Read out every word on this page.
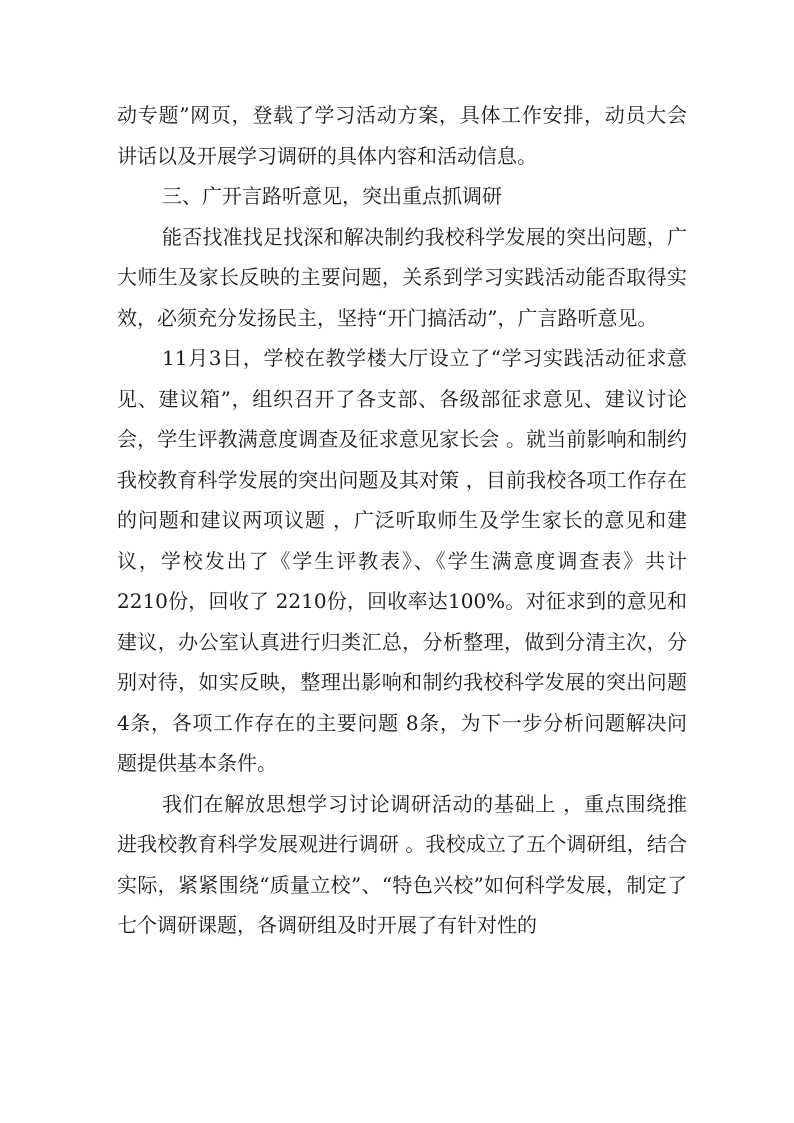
动专题”网页，登载了学习活动方案，具体工作安排，动员大会讲话以及开展学习调研的具体内容和活动信息。

三、广开言路听意见，突出重点抓调研

能否找准找足找深和解决制约我校科学发展的突出问题，广大师生及家长反映的主要问题，关系到学习实践活动能否取得实效，必须充分发扬民主，坚持“开门搞活动”，广言路听意见。

11月3日，学校在教学楼大厅设立了“学习实践活动征求意见、建议箱”，组织召开了各支部、各级部征求意见、建议讨论会，学生评教满意度调查及征求意见家长会 。就当前影响和制约我校教育科学发展的突出问题及其对策 ，目前我校各项工作存在的问题和建议两项议题 ，广泛听取师生及学生家长的意见和建议，学校发出了《学生评教表》、《学生满意度调查表》共计 2210份，回收了 2210份，回收率达100%。对征求到的意见和建议，办公室认真进行归类汇总，分析整理，做到分清主次，分别对待，如实反映，整理出影响和制约我校科学发展的突出问题 4条，各项工作存在的主要问题 8条，为下一步分析问题解决问题提供基本条件。

我们在解放思想学习讨论调研活动的基础上 ，重点围绕推进我校教育科学发展观进行调研 。我校成立了五个调研组，结合实际，紧紧围绕“质量立校”、“特色兴校”如何科学发展，制定了七个调研课题，各调研组及时开展了有针对性的
